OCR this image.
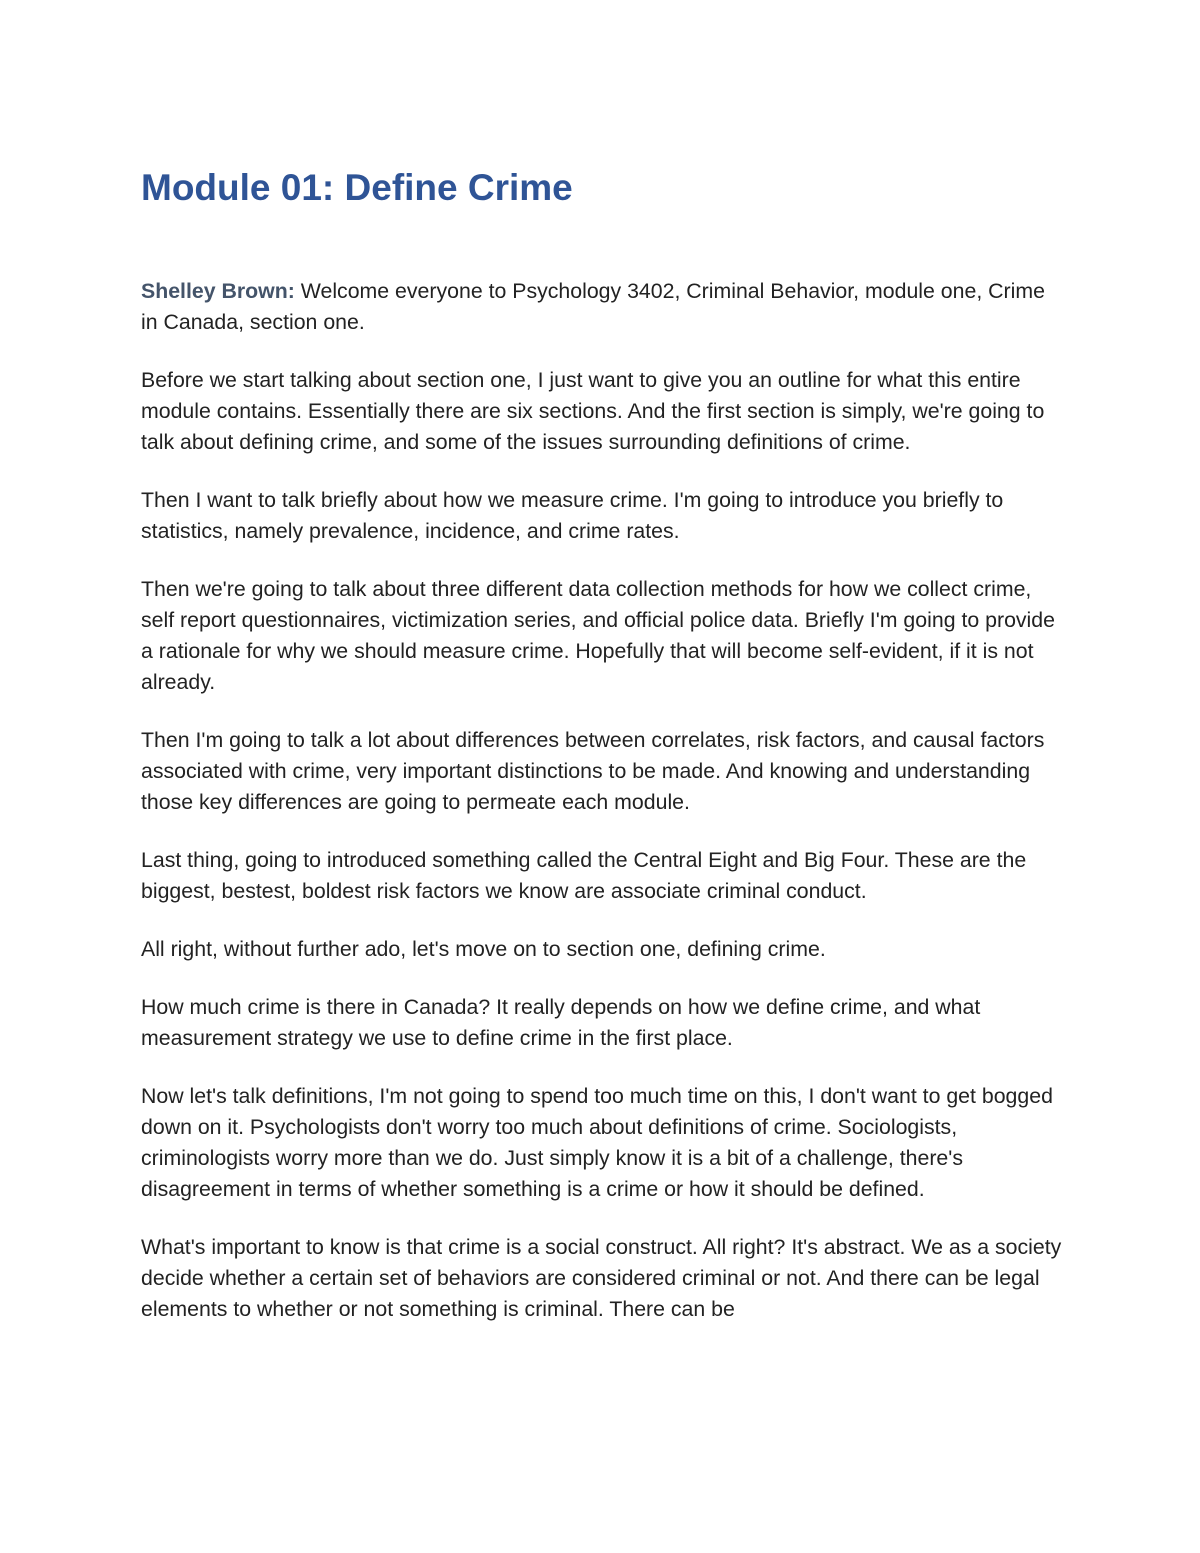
Module 01: Define Crime

Shelley Brown: Welcome everyone to Psychology 3402, Criminal Behavior, module one, Crime in Canada, section one.

Before we start talking about section one, I just want to give you an outline for what this entire module contains. Essentially there are six sections. And the first section is simply, we're going to talk about defining crime, and some of the issues surrounding definitions of crime.

Then I want to talk briefly about how we measure crime. I'm going to introduce you briefly to statistics, namely prevalence, incidence, and crime rates.

Then we're going to talk about three different data collection methods for how we collect crime, self report questionnaires, victimization series, and official police data. Briefly I'm going to provide a rationale for why we should measure crime. Hopefully that will become self-evident, if it is not already.

Then I'm going to talk a lot about differences between correlates, risk factors, and causal factors associated with crime, very important distinctions to be made. And knowing and understanding those key differences are going to permeate each module.

Last thing, going to introduced something called the Central Eight and Big Four. These are the biggest, bestest, boldest risk factors we know are associate criminal conduct.

All right, without further ado, let's move on to section one, defining crime.

How much crime is there in Canada? It really depends on how we define crime, and what measurement strategy we use to define crime in the first place.

Now let's talk definitions, I'm not going to spend too much time on this, I don't want to get bogged down on it. Psychologists don't worry too much about definitions of crime. Sociologists, criminologists worry more than we do. Just simply know it is a bit of a challenge, there's disagreement in terms of whether something is a crime or how it should be defined.

What's important to know is that crime is a social construct. All right? It's abstract. We as a society decide whether a certain set of behaviors are considered criminal or not. And there can be legal elements to whether or not something is criminal. There can be
